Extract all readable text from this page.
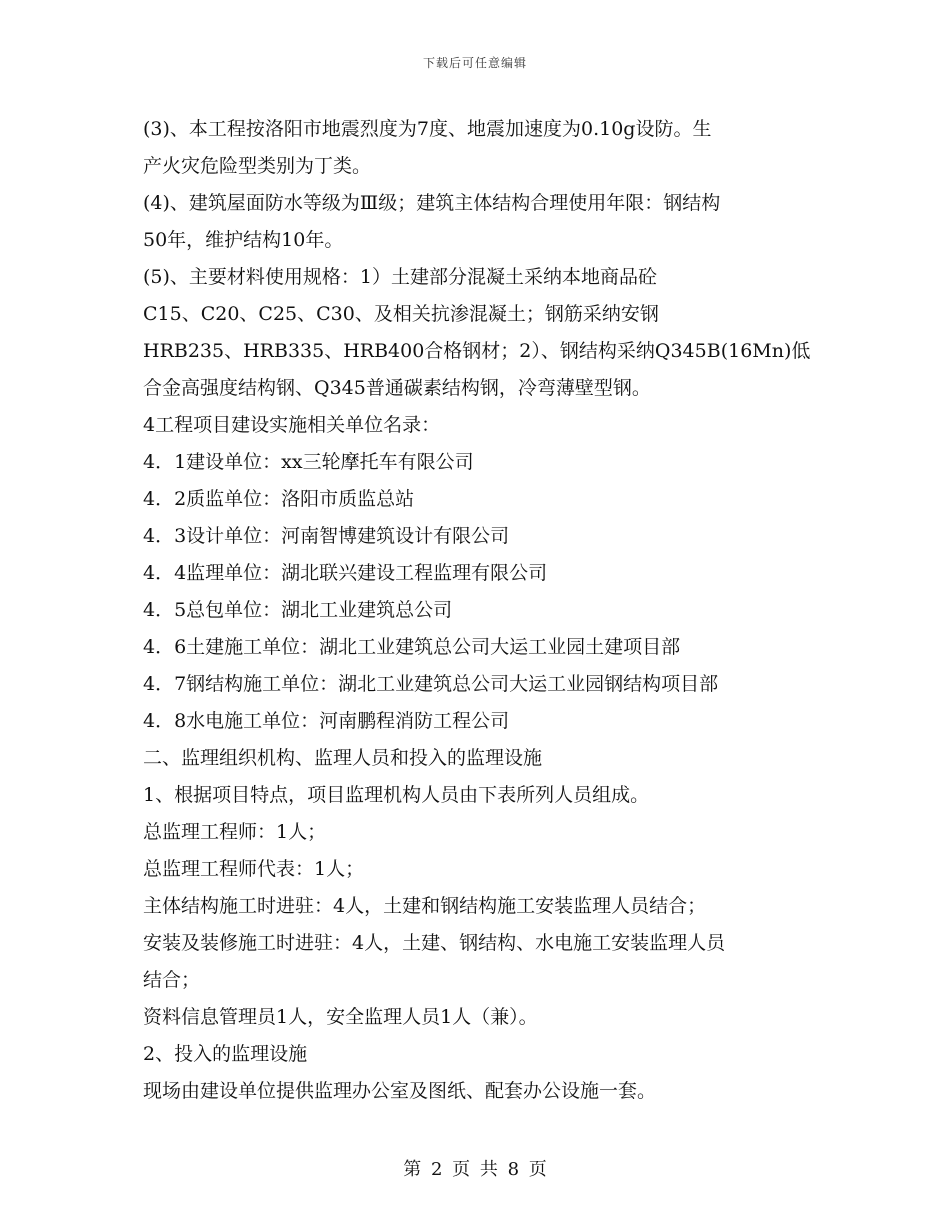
下载后可任意编辑
(3)、本工程按洛阳市地震烈度为7度、地震加速度为0.10g设防。生
产火灾危险型类别为丁类。
(4)、建筑屋面防水等级为Ⅲ级；建筑主体结构合理使用年限：钢结构
50年，维护结构10年。
(5)、主要材料使用规格：1）土建部分混凝土采纳本地商品砼
C15、C20、C25、C30、及相关抗渗混凝土；钢筋采纳安钢
HRB235、HRB335、HRB400合格钢材；2）、钢结构采纳Q345B(16Mn)低
合金高强度结构钢、Q345普通碳素结构钢，冷弯薄壁型钢。
4工程项目建设实施相关单位名录：
4．1建设单位：xx三轮摩托车有限公司
4．2质监单位：洛阳市质监总站
4．3设计单位：河南智博建筑设计有限公司
4．4监理单位：湖北联兴建设工程监理有限公司
4．5总包单位：湖北工业建筑总公司
4．6土建施工单位：湖北工业建筑总公司大运工业园土建项目部
4．7钢结构施工单位：湖北工业建筑总公司大运工业园钢结构项目部
4．8水电施工单位：河南鹏程消防工程公司
二、监理组织机构、监理人员和投入的监理设施
1、根据项目特点，项目监理机构人员由下表所列人员组成。
总监理工程师：1人；
总监理工程师代表：1人；
主体结构施工时进驻：4人，土建和钢结构施工安装监理人员结合；
安装及装修施工时进驻：4人，土建、钢结构、水电施工安装监理人员
结合；
资料信息管理员1人，安全监理人员1人（兼）。
2、投入的监理设施
现场由建设单位提供监理办公室及图纸、配套办公设施一套。
第 2 页 共 8 页
